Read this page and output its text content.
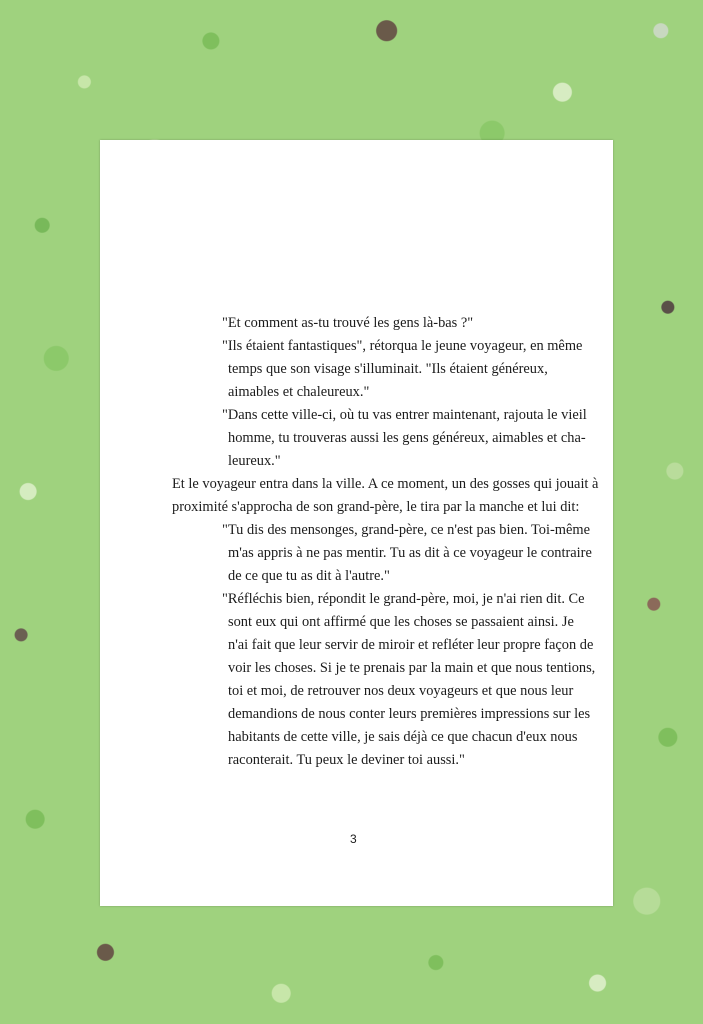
"Et comment as-tu trouvé les gens là-bas ?"
"Ils étaient fantastiques", rétorqua le jeune voyageur, en même
temps que son visage s'illuminait. "Ils étaient généreux,
aimables et chaleureux."
"Dans cette ville-ci, où tu vas entrer maintenant, rajouta le vieil
homme, tu trouveras aussi les gens généreux, aimables et cha-
leureux."
Et le voyageur entra dans la ville. A ce moment, un des gosses qui jouait à
proximité s'approcha de son grand-père, le tira par la manche et lui dit:
"Tu dis des mensonges, grand-père, ce n'est pas bien. Toi-même
m'as appris à ne pas mentir. Tu as dit à ce voyageur le contraire
de ce que tu as dit à l'autre."
"Réfléchis bien, répondit le grand-père, moi, je n'ai rien dit. Ce
sont eux qui ont affirmé que les choses se passaient ainsi. Je
n'ai fait que leur servir de miroir et refléter leur propre façon de
voir les choses. Si je te prenais par la main et que nous tentions,
toi et moi, de retrouver nos deux voyageurs et que nous leur
demandions de nous conter leurs premières impressions sur les
habitants de cette ville, je sais déjà ce que chacun d'eux nous
raconterait. Tu peux le deviner toi aussi."
3
